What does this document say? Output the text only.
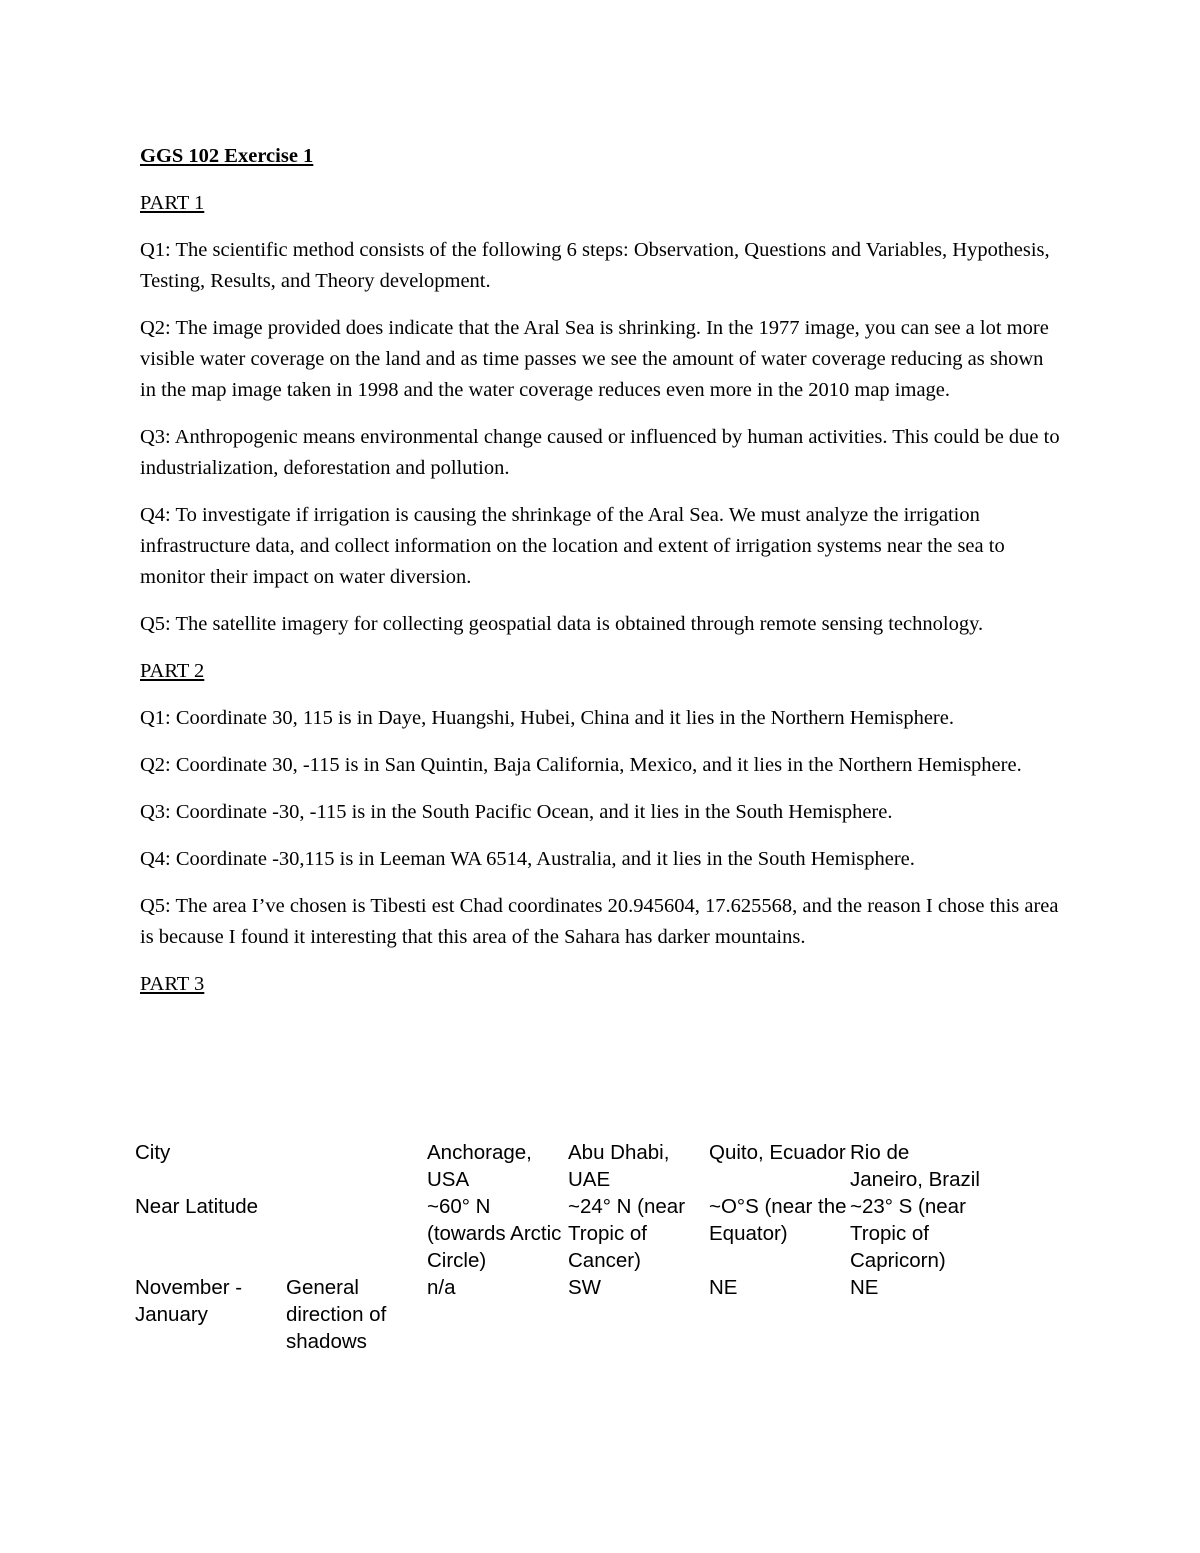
GGS 102 Exercise 1

PART 1

Q1: The scientific method consists of the following 6 steps: Observation, Questions and Variables, Hypothesis, Testing, Results, and Theory development.

Q2: The image provided does indicate that the Aral Sea is shrinking. In the 1977 image, you can see a lot more visible water coverage on the land and as time passes we see the amount of water coverage reducing as shown in the map image taken in 1998 and the water coverage reduces even more in the 2010 map image.

Q3: Anthropogenic means environmental change caused or influenced by human activities. This could be due to industrialization, deforestation and pollution.

Q4: To investigate if irrigation is causing the shrinkage of the Aral Sea. We must analyze the irrigation infrastructure data, and collect information on the location and extent of irrigation systems near the sea to monitor their impact on water diversion.

Q5: The satellite imagery for collecting geospatial data is obtained through remote sensing technology.

PART 2

Q1: Coordinate 30, 115 is in Daye, Huangshi, Hubei, China and it lies in the Northern Hemisphere.

Q2: Coordinate 30, -115 is in San Quintin, Baja California, Mexico, and it lies in the Northern Hemisphere.

Q3: Coordinate -30, -115 is in the South Pacific Ocean, and it lies in the South Hemisphere.

Q4: Coordinate -30,115 is in Leeman WA 6514, Australia, and it lies in the South Hemisphere.

Q5: The area I’ve chosen is Tibesti est Chad coordinates 20.945604, 17.625568, and the reason I chose this area is because I found it interesting that this area of the Sahara has darker mountains.

PART 3

City		Anchorage, USA	Abu Dhabi, UAE	Quito, Ecuador	Rio de Janeiro, Brazil
Near Latitude		~60° N (towards Arctic Circle)	~24° N (near Tropic of Cancer)	~O°S (near the Equator)	~23° S (near Tropic of Capricorn)
November - January	General direction of shadows	n/a	SW	NE	NE
